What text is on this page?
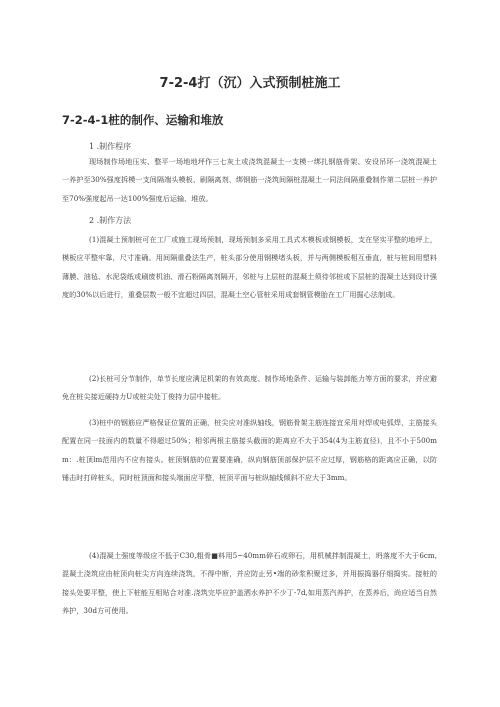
7-2-4打（沉）入式预制桩施工
7-2-4-1桩的制作、运输和堆放
1 .制作程序
现场制作场地压实、整平一场地地坪作三七灰土或浇筑混凝土一支模一绑扎钢筋骨架、安设吊环一浇筑混凝土一养护至30%强度拆模一支间隔端头模板、刷隔离剂、绑钢筋一浇筑间隔桩混凝土一同法间隔重叠制作第二层桩一养护至70%强度起吊一达100%强度后运输、堆放。
2 .制作方法
(1)混凝土预制桩可在工厂或施工现场预制，现场预制多采用工具式木模板或钢模板，支在坚实平整的地坪上，模板应平整牢靠，尺寸准确。用间隔重叠法生产，桩头部分使用钢模堵头板，并与两侧模板相互垂直，桩与桩间用塑料薄膜、油毡、水泥袋纸或刷废机油、滑石粉隔离剂隔开，邻桩与上层桩的混凝土须待邻桩或下层桩的混凝土达到设计强度的30%以后进行，重叠层数一般不宜超过四层，混凝土空心管桩采用成套钢管模胎在工厂用掘心法制成。
(2)长桩可分节制作，单节长度应满足机架的有效高度、制作场地条件、运输与装卸能力等方面的要求，并应避免在桩尖接近硬持力U或桩尖处丁俊持力层中接桩。
(3)桩中的钢筋应严格保证位置的正确，桩尖应对准纵轴线，钢筋骨架主筋连接宜采用对焊或电弧焊，主筋接头配置在同一技面内的数量不得超过50%；相邻两根主筋接头截面的距离应不大于354(4为主筋直径)，且不小于500mm：.桩顶lm范用内不应有接头。桩顶钢筋的位置要准确，纵向钢筋顶部保护层不应过厚，钢筋格的距离应正确，以防锤击时打碎桩头，同时桩顶面和接头端面应平整，桩顶平面与桩纵轴线倾斜不应大于3mm。
(4)混凝土强度等级应不低于C30,粗骨■料用5~40mm碎石或卵石，用机械拌制混凝土，坍落度不大于6cm,混凝土浇筑应由桩顶向桩尖方向连续浇筑，不得中断，并应防止另•端的砂浆积聚过多，并用振捣器仔细捣实。接桩的接头处要平整，使上下桩能互相贴合对准.浇筑完毕应护盖洒水养护不少丁-7d,如用蒸汽养护，在蒸养后，尚应适当自然养护，30d方可使用。
